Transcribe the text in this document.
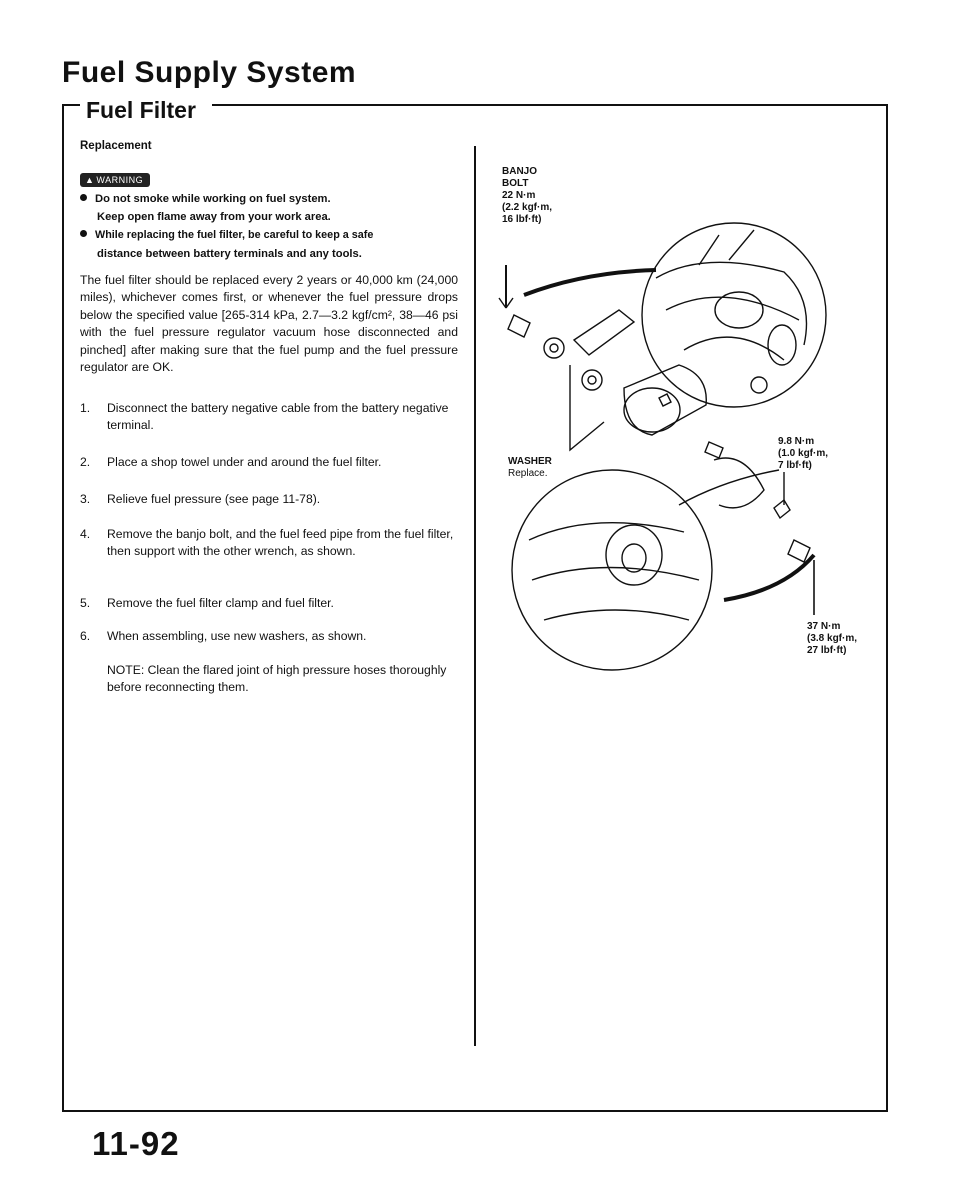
Fuel Supply System
Fuel Filter
Replacement
▲ WARNING
Do not smoke while working on fuel system.
Keep open flame away from your work area.
While replacing the fuel filter, be careful to keep a safe
distance between battery terminals and any tools.
The fuel filter should be replaced every 2 years or 40,000 km (24,000 miles), whichever comes first, or whenever the fuel pressure drops below the specified value [265-314 kPa, 2.7—3.2 kgf/cm², 38—46 psi with the fuel pressure regulator vacuum hose disconnected and pinched] after making sure that the fuel pump and the fuel pressure regulator are OK.
1.	Disconnect the battery negative cable from the battery negative terminal.
2.	Place a shop towel under and around the fuel filter.
3.	Relieve fuel pressure (see page 11-78).
4.	Remove the banjo bolt, and the fuel feed pipe from the fuel filter, then support with the other wrench, as shown.
5.	Remove the fuel filter clamp and fuel filter.
6.	When assembling, use new washers, as shown.
NOTE: Clean the flared joint of high pressure hoses thoroughly before reconnecting them.
BANJO
BOLT
22 N·m
(2.2 kgf·m,
16 lbf·ft)
WASHER
Replace.
9.8 N·m
(1.0 kgf·m,
7 lbf·ft)
37 N·m
(3.8 kgf·m,
27 lbf·ft)
11-92
